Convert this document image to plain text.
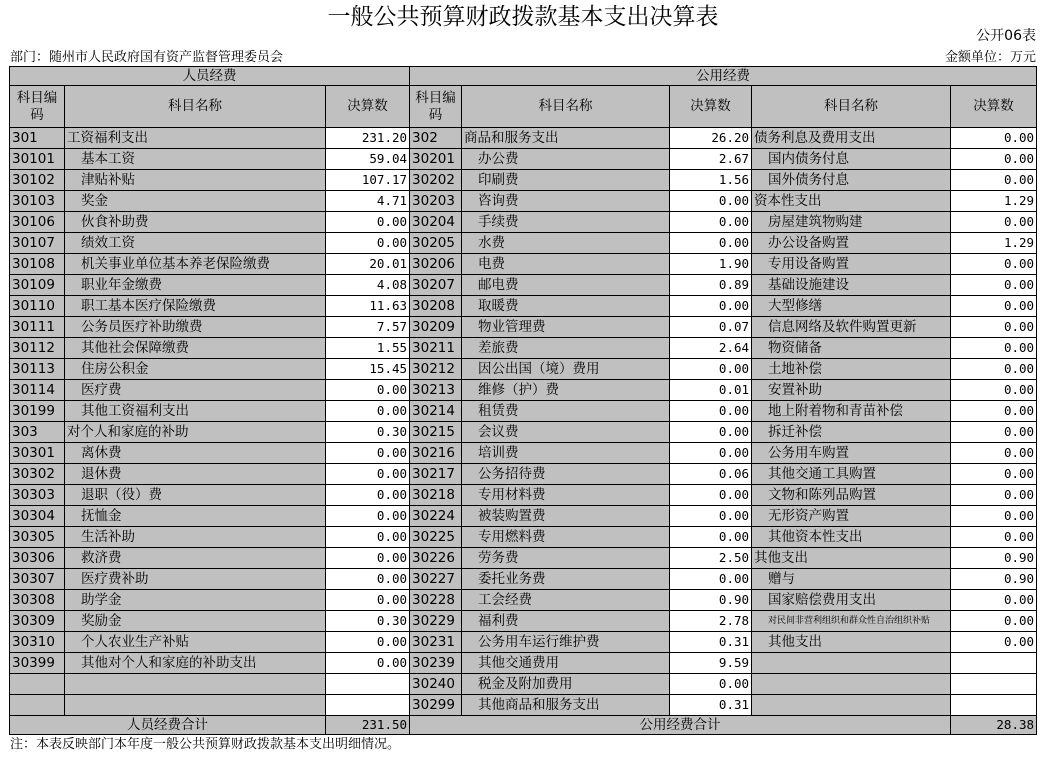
一般公共预算财政拨款基本支出决算表
公开06表
部门：随州市人民政府国有资产监督管理委员会	金额单位：万元
人员经费			公用经费				
科目编码	科目名称	决算数	科目编码	科目名称	决算数	科目名称	决算数
301	工资福利支出	231.20	302	商品和服务支出	26.20	债务利息及费用支出	0.00
30101	基本工资	59.04	30201	办公费	2.67	国内债务付息	0.00
30102	津贴补贴	107.17	30202	印刷费	1.56	国外债务付息	0.00
30103	奖金	4.71	30203	咨询费	0.00	资本性支出	1.29
30106	伙食补助费	0.00	30204	手续费	0.00	房屋建筑物购建	0.00
30107	绩效工资	0.00	30205	水费	0.00	办公设备购置	1.29
30108	机关事业单位基本养老保险缴费	20.01	30206	电费	1.90	专用设备购置	0.00
30109	职业年金缴费	4.08	30207	邮电费	0.89	基础设施建设	0.00
30110	职工基本医疗保险缴费	11.63	30208	取暖费	0.00	大型修缮	0.00
30111	公务员医疗补助缴费	7.57	30209	物业管理费	0.07	信息网络及软件购置更新	0.00
30112	其他社会保障缴费	1.55	30211	差旅费	2.64	物资储备	0.00
30113	住房公积金	15.45	30212	因公出国（境）费用	0.00	土地补偿	0.00
30114	医疗费	0.00	30213	维修（护）费	0.01	安置补助	0.00
30199	其他工资福利支出	0.00	30214	租赁费	0.00	地上附着物和青苗补偿	0.00
303	对个人和家庭的补助	0.30	30215	会议费	0.00	拆迁补偿	0.00
30301	离休费	0.00	30216	培训费	0.00	公务用车购置	0.00
30302	退休费	0.00	30217	公务招待费	0.06	其他交通工具购置	0.00
30303	退职（役）费	0.00	30218	专用材料费	0.00	文物和陈列品购置	0.00
30304	抚恤金	0.00	30224	被装购置费	0.00	无形资产购置	0.00
30305	生活补助	0.00	30225	专用燃料费	0.00	其他资本性支出	0.00
30306	救济费	0.00	30226	劳务费	2.50	其他支出	0.90
30307	医疗费补助	0.00	30227	委托业务费	0.00	赠与	0.90
30308	助学金	0.00	30228	工会经费	0.90	国家赔偿费用支出	0.00
30309	奖励金	0.30	30229	福利费	2.78	对民间非营利组织和群众性自治组织补贴	0.00
30310	个人农业生产补贴	0.00	30231	公务用车运行维护费	0.31	其他支出	0.00
30399	其他对个人和家庭的补助支出	0.00	30239	其他交通费用	9.59		
			30240	税金及附加费用	0.00		
			30299	其他商品和服务支出	0.31		
人员经费合计		231.50	公用经费合计				28.38
注：本表反映部门本年度一般公共预算财政拨款基本支出明细情况。
